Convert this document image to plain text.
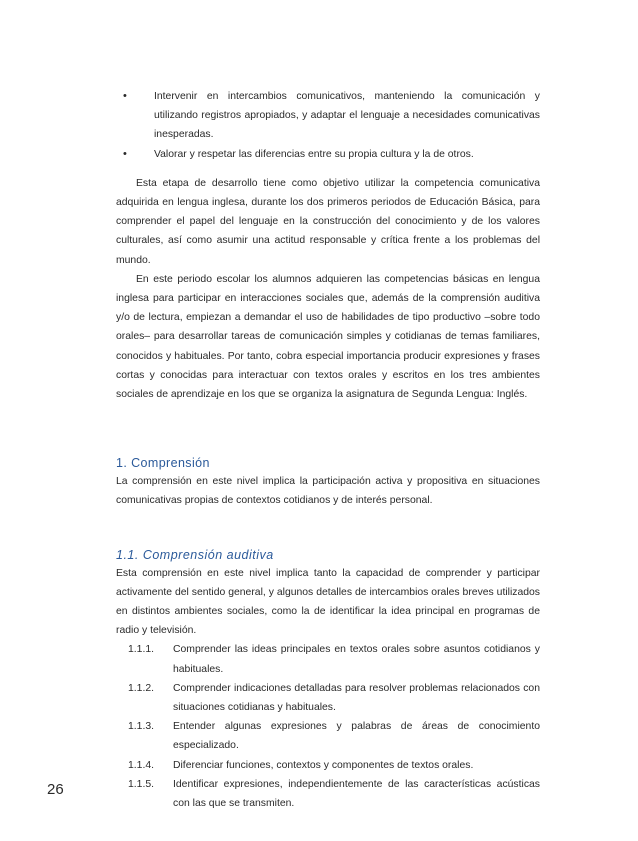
•	Intervenir en intercambios comunicativos, manteniendo la comunicación y utilizando registros apropiados, y adaptar el lenguaje a necesidades comunicativas inesperadas.
•	Valorar y respetar las diferencias entre su propia cultura y la de otros.

Esta etapa de desarrollo tiene como objetivo utilizar la competencia comunicativa adquirida en lengua inglesa, durante los dos primeros periodos de Educación Básica, para comprender el papel del lenguaje en la construcción del conocimiento y de los valores culturales, así como asumir una actitud responsable y crítica frente a los problemas del mundo.

En este periodo escolar los alumnos adquieren las competencias básicas en lengua inglesa para participar en interacciones sociales que, además de la comprensión auditiva y/o de lectura, empiezan a demandar el uso de habilidades de tipo productivo –sobre todo orales– para desarrollar tareas de comunicación simples y cotidianas de temas familiares, conocidos y habituales. Por tanto, cobra especial importancia producir expresiones y frases cortas y conocidas para interactuar con textos orales y escritos en los tres ambientes sociales de aprendizaje en los que se organiza la asignatura de Segunda Lengua: Inglés.

1. Comprensión

La comprensión en este nivel implica la participación activa y propositiva en situaciones comunicativas propias de contextos cotidianos y de interés personal.

1.1. Comprensión auditiva

Esta comprensión en este nivel implica tanto la capacidad de comprender y participar activamente del sentido general, y algunos detalles de intercambios orales breves utilizados en distintos ambientes sociales, como la de identificar la idea principal en programas de radio y televisión.

1.1.1. Comprender las ideas principales en textos orales sobre asuntos cotidianos y habituales.
1.1.2. Comprender indicaciones detalladas para resolver problemas relacionados con situaciones cotidianas y habituales.
1.1.3. Entender algunas expresiones y palabras de áreas de conocimiento especializado.
1.1.4. Diferenciar funciones, contextos y componentes de textos orales.
1.1.5. Identificar expresiones, independientemente de las características acústicas con las que se transmiten.
26
